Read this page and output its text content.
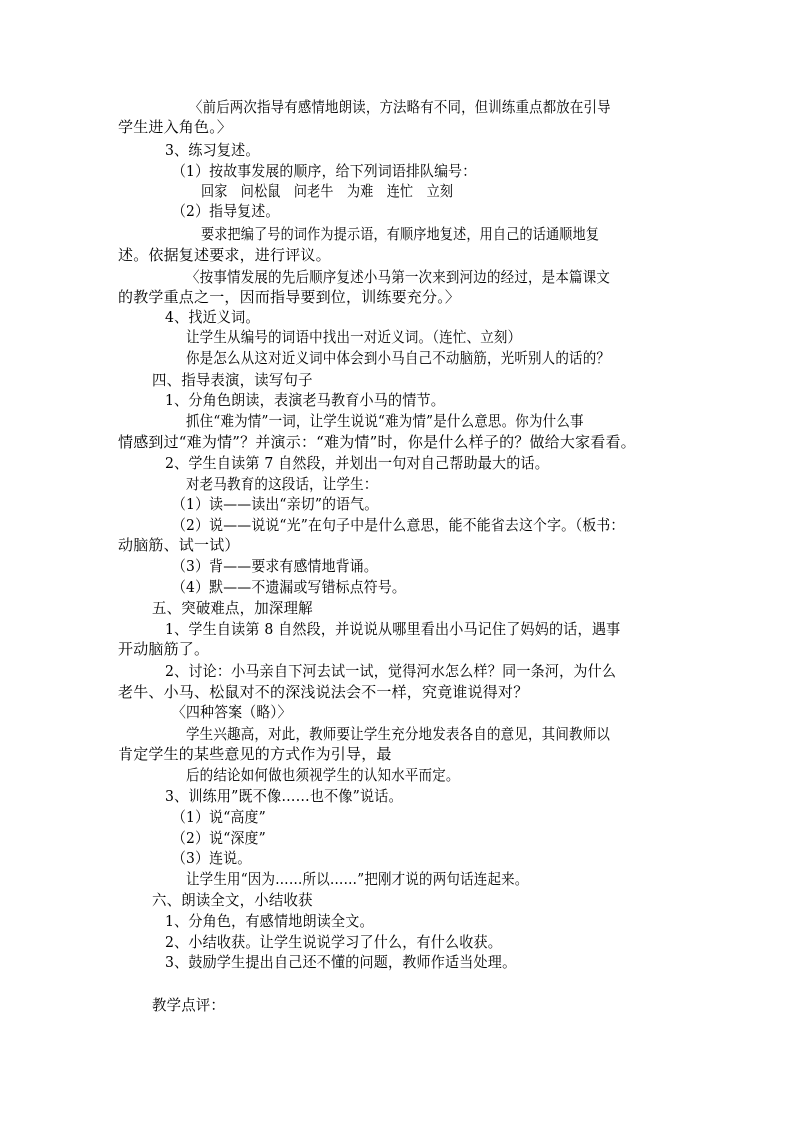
〈前后两次指导有感情地朗读，方法略有不同，但训练重点都放在引导
学生进入角色。〉
3、练习复述。
（1）按故事发展的顺序，给下列词语排队编号：
回家　问松鼠　问老牛　为难　连忙　立刻
（2）指导复述。
要求把编了号的词作为提示语，有顺序地复述，用自己的话通顺地复
述。依据复述要求，进行评议。
〈按事情发展的先后顺序复述小马第一次来到河边的经过，是本篇课文
的教学重点之一，因而指导要到位，训练要充分。〉
4、找近义词。
让学生从编号的词语中找出一对近义词。（连忙、立刻）
你是怎么从这对近义词中体会到小马自己不动脑筋，光听别人的话的？
四、指导表演，读写句子
1、分角色朗读，表演老马教育小马的情节。
抓住“难为情”一词，让学生说说“难为情”是什么意思。你为什么事
情感到过“难为情”？并演示：“难为情”时，你是什么样子的？做给大家看看。
2、学生自读第 7 自然段，并划出一句对自己帮助最大的话。
对老马教育的这段话，让学生：
（1）读——读出“亲切”的语气。
（2）说——说说“光”在句子中是什么意思，能不能省去这个字。（板书：
动脑筋、试一试）
（3）背——要求有感情地背诵。
（4）默——不遗漏或写错标点符号。
五、突破难点，加深理解
1、学生自读第 8 自然段，并说说从哪里看出小马记住了妈妈的话，遇事
开动脑筋了。
2、讨论：小马亲自下河去试一试，觉得河水怎么样？同一条河，为什么
老牛、小马、松鼠对不的深浅说法会不一样，究竟谁说得对？
〈四种答案（略）〉
学生兴趣高，对此，教师要让学生充分地发表各自的意见，其间教师以
肯定学生的某些意见的方式作为引导，最
后的结论如何做也须视学生的认知水平而定。
3、训练用”既不像……也不像”说话。
（1）说“高度”
（2）说“深度”
（3）连说。
让学生用“因为……所以……”把刚才说的两句话连起来。
六、朗读全文，小结收获
1、分角色，有感情地朗读全文。
2、小结收获。让学生说说学习了什么，有什么收获。
3、鼓励学生提出自己还不懂的问题，教师作适当处理。
教学点评：
